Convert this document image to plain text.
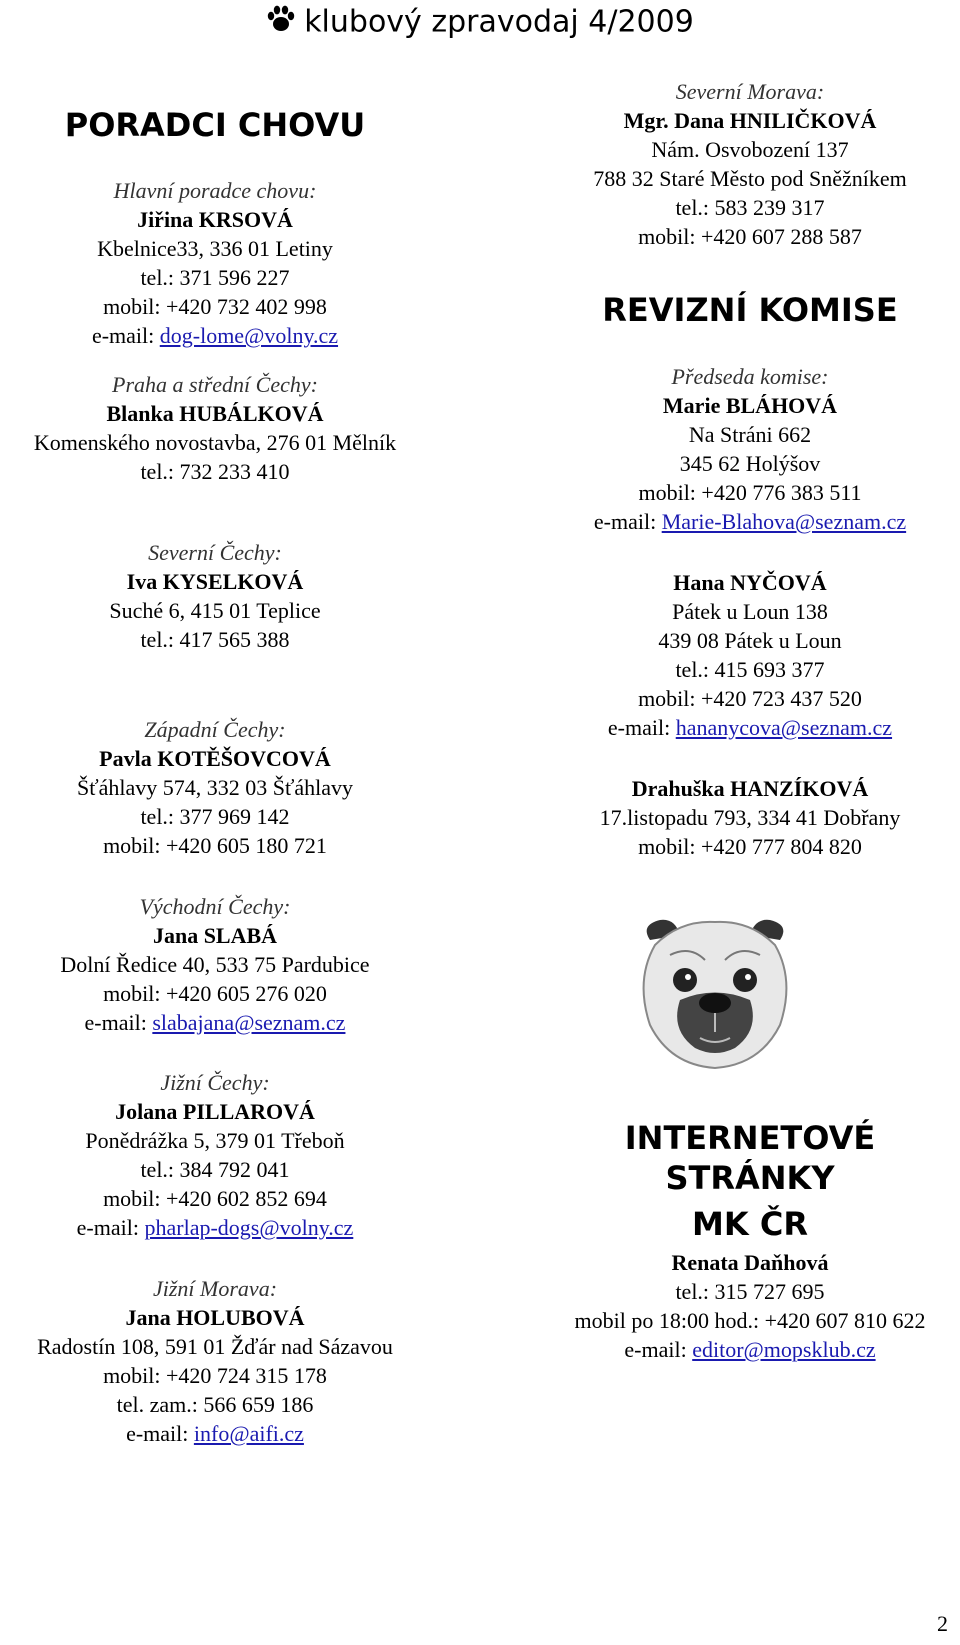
klubový zpravodaj 4/2009
PORADCI CHOVU
Hlavní poradce chovu:
Jiřina KRSOVÁ
Kbelnice33, 336 01 Letiny
tel.: 371 596 227
mobil: +420 732 402 998
e-mail: dog-lome@volny.cz
Praha a střední Čechy:
Blanka HUBÁLKOVÁ
Komenského novostavba, 276 01 Mělník
tel.: 732 233 410
Severní Čechy:
Iva KYSELKOVÁ
Suché 6, 415 01 Teplice
tel.: 417 565 388
Západní Čechy:
Pavla KOTĚŠOVCOVÁ
Šťáhlavy 574, 332 03 Šťáhlavy
tel.: 377 969 142
mobil: +420 605 180 721
Východní Čechy:
Jana SLABÁ
Dolní Ředice 40, 533 75 Pardubice
mobil: +420 605 276 020
e-mail: slabajana@seznam.cz
Jižní Čechy:
Jolana PILLAROVÁ
Ponědrážka 5, 379 01 Třeboň
tel.: 384 792 041
mobil: +420 602 852 694
e-mail: pharlap-dogs@volny.cz
Jižní Morava:
Jana HOLUBOVÁ
Radostín 108, 591 01 Žďár nad Sázavou
mobil: +420 724 315 178
tel. zam.: 566 659 186
e-mail: info@aifi.cz
Severní Morava:
Mgr. Dana HNILIČKOVÁ
Nám. Osvobození 137
788 32 Staré Město pod Sněžníkem
tel.: 583 239 317
mobil: +420 607 288 587
REVIZNÍ KOMISE
Předseda komise:
Marie BLÁHOVÁ
Na Stráni 662
345 62 Holýšov
mobil: +420 776 383 511
e-mail: Marie-Blahova@seznam.cz
Hana NYČOVÁ
Pátek u Loun 138
439 08 Pátek u Loun
tel.: 415 693 377
mobil: +420 723 437 520
e-mail: hananycova@seznam.cz
Drahuška HANZÍKOVÁ
17.listopadu 793, 334 41 Dobřany
mobil: +420 777 804 820
INTERNETOVÉ STRÁNKY
MK ČR
Renata Daňhová
tel.: 315 727 695
mobil po 18:00 hod.: +420 607 810 622
e-mail: editor@mopsklub.cz
2
